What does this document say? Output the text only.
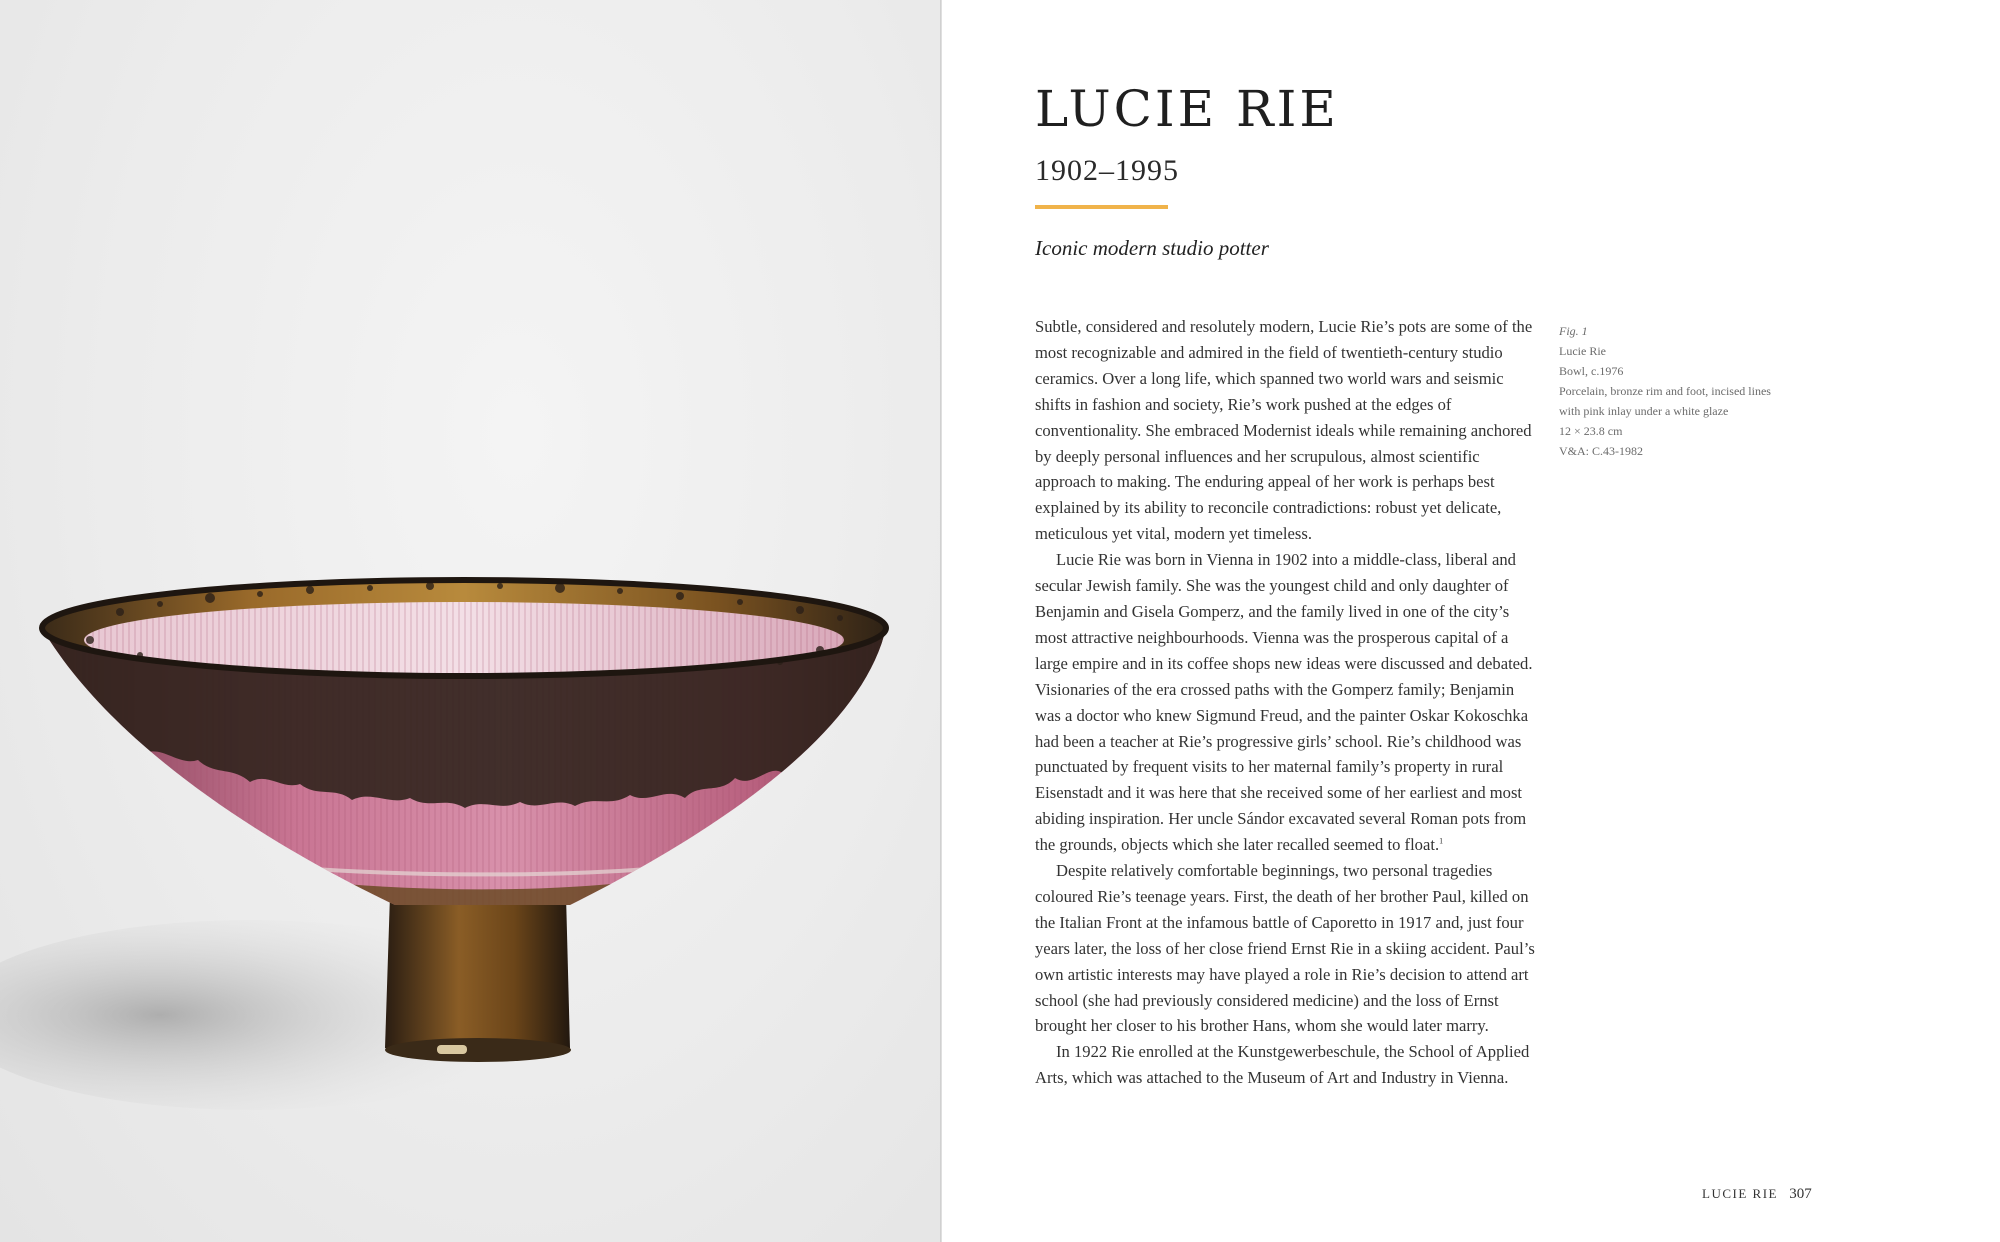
LUCIE RIE
1902–1995
Iconic modern studio potter

Subtle, considered and resolutely modern, Lucie Rie’s pots are some of the most recognizable and admired in the field of twentieth-century studio ceramics. Over a long life, which spanned two world wars and seismic shifts in fashion and society, Rie’s work pushed at the edges of conventionality. She embraced Modernist ideals while remaining anchored by deeply personal influences and her scrupulous, almost scientific approach to making. The enduring appeal of her work is perhaps best explained by its ability to reconcile contradictions: robust yet delicate, meticulous yet vital, modern yet timeless.

Lucie Rie was born in Vienna in 1902 into a middle-class, liberal and secular Jewish family. She was the youngest child and only daughter of Benjamin and Gisela Gomperz, and the family lived in one of the city’s most attractive neighbourhoods. Vienna was the prosperous capital of a large empire and in its coffee shops new ideas were discussed and debated. Visionaries of the era crossed paths with the Gomperz family; Benjamin was a doctor who knew Sigmund Freud, and the painter Oskar Kokoschka had been a teacher at Rie’s progressive girls’ school. Rie’s childhood was punctuated by frequent visits to her maternal family’s property in rural Eisenstadt and it was here that she received some of her earliest and most abiding inspiration. Her uncle Sándor excavated several Roman pots from the grounds, objects which she later recalled seemed to float.$^1$

Despite relatively comfortable beginnings, two personal tragedies coloured Rie’s teenage years. First, the death of her brother Paul, killed on the Italian Front at the infamous battle of Caporetto in 1917 and, just four years later, the loss of her close friend Ernst Rie in a skiing accident. Paul’s own artistic interests may have played a role in Rie’s decision to attend art school (she had previously considered medicine) and the loss of Ernst brought her closer to his brother Hans, whom she would later marry.

In 1922 Rie enrolled at the Kunstgewerbeschule, the School of Applied Arts, which was attached to the Museum of Art and Industry in Vienna.

Fig. 1
Lucie Rie
Bowl, c.1976
Porcelain, bronze rim and foot, incised lines
with pink inlay under a white glaze
12 × 23.8 cm
V&A: C.43-1982
LUCIE RIE 307
